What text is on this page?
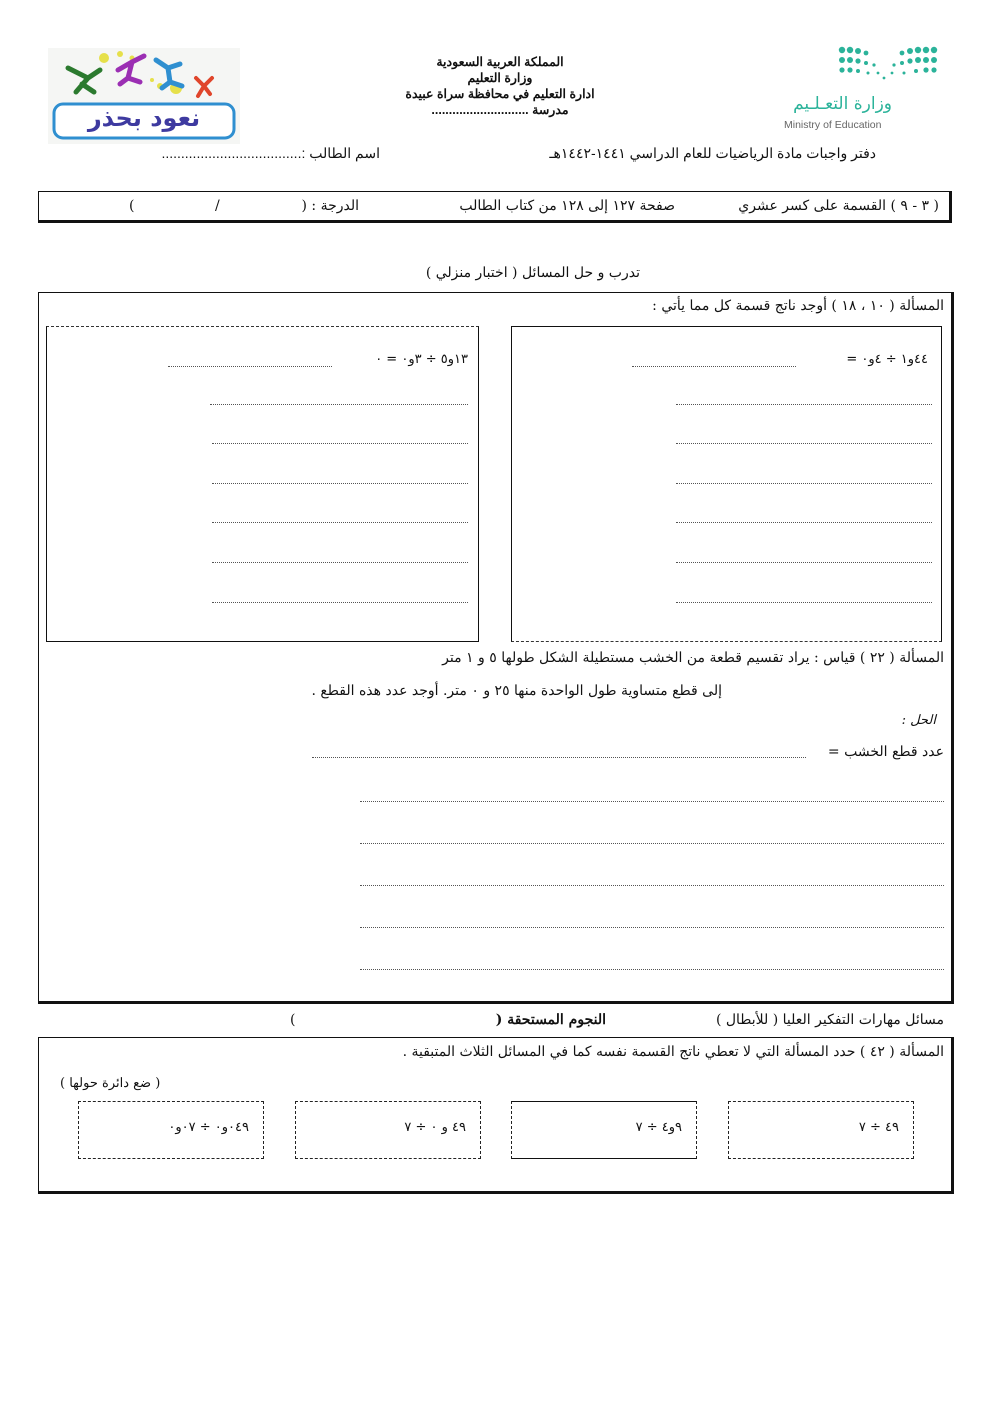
وزارة التعـلـيم
Ministry of Education
المملكة العربية السعودية
وزارة التعليم
ادارة التعليم في محافظة سراة عبيدة
مدرسة ............................
نعود بحذر
دفتر واجبات مادة الرياضيات للعام الدراسي ١٤٤١-١٤٤٢هـ
اسم الطالب :....................................
( ٣ - ٩ ) القسمة على كسر عشري
صفحة ١٢٧ إلى ١٢٨ من كتاب الطالب
الدرجة : (
/
)
تدرب و حل المسائل ( اختبار منزلي )
المسألة ( ١٠ ، ١٨ ) أوجد ناتج قسمة كل مما يأتي :
٤٤و١ ÷ ٤و٠ =
١٣و٥ ÷ ٣و٠ = ٠
المسألة ( ٢٢ ) قياس : يراد تقسيم قطعة من الخشب مستطيلة الشكل طولها ٥ و ١ متر
إلى قطع متساوية طول الواحدة منها ٢٥ و ٠ متر. أوجد عدد هذه القطع .
الحل :
عدد قطع الخشب =
مسائل مهارات التفكير العليا ( للأبطال )
النجوم المستحقة (
)
المسألة ( ٤٢ ) حدد المسألة التي لا تعطي ناتج القسمة نفسه كما في المسائل الثلاث المتبقية .
( ضع دائرة حولها )
٤٩ ÷ ٧
٩و٤ ÷ ٧
٤٩ و ٠ ÷ ٧
٠٤٩و٠ ÷ ٠٧و٠
